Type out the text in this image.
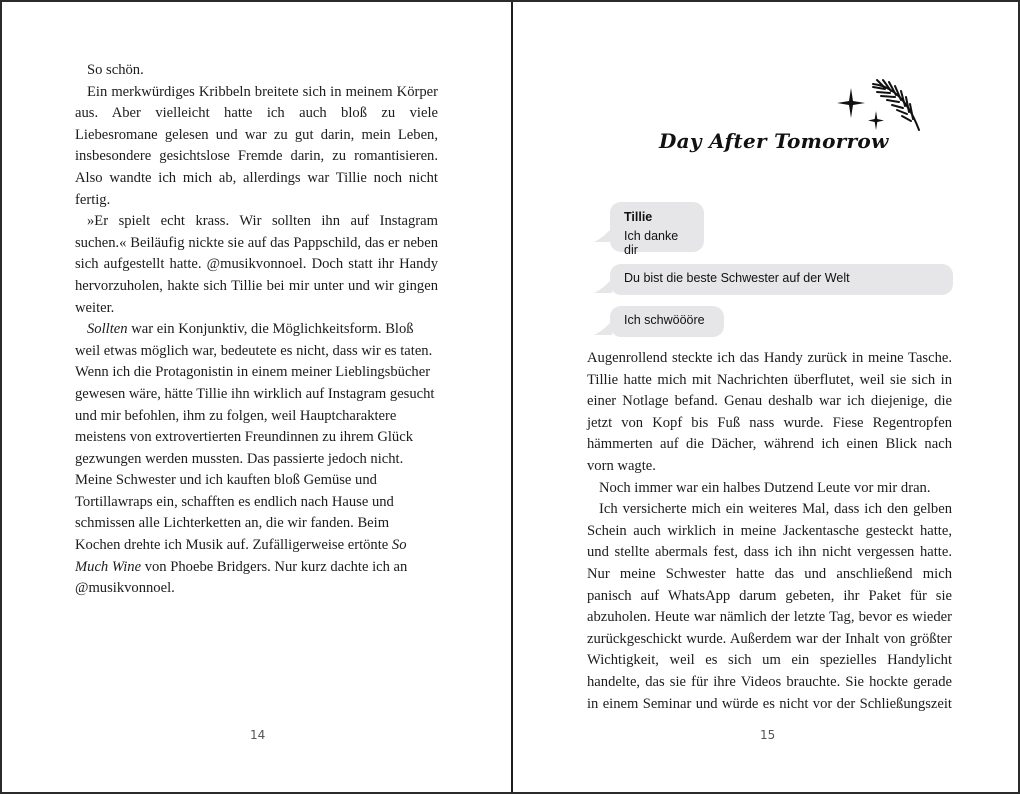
So schön.

Ein merkwürdiges Kribbeln breitete sich in meinem Körper aus. Aber vielleicht hatte ich auch bloß zu viele Liebesromane gelesen und war zu gut darin, mein Leben, insbesondere gesichtslose Fremde darin, zu romantisieren. Also wandte ich mich ab, allerdings war Tillie noch nicht fertig.

»Er spielt echt krass. Wir sollten ihn auf Instagram suchen.« Beiläufig nickte sie auf das Pappschild, das er neben sich aufgestellt hatte. @musikvonnoel. Doch statt ihr Handy hervorzuholen, hakte sich Tillie bei mir unter und wir gingen weiter.

Sollten war ein Konjunktiv, die Möglichkeitsform. Bloß weil etwas möglich war, bedeutete es nicht, dass wir es taten. Wenn ich die Protagonistin in einem meiner Lieblingsbücher gewesen wäre, hätte Tillie ihn wirklich auf Instagram gesucht und mir befohlen, ihm zu folgen, weil Hauptcharaktere meistens von extrovertierten Freundinnen zu ihrem Glück gezwungen werden mussten. Das passierte jedoch nicht. Meine Schwester und ich kauften bloß Gemüse und Tortillawraps ein, schafften es endlich nach Hause und schmissen alle Lichterketten an, die wir fanden. Beim Kochen drehte ich Musik auf. Zufälligerweise ertönte So Much Wine von Phoebe Bridgers. Nur kurz dachte ich an @musikvonnoel.

14
Day After Tomorrow
Tillie
Ich danke dir
Du bist die beste Schwester auf der Welt
Ich schwöööre

Augenrollend steckte ich das Handy zurück in meine Tasche. Tillie hatte mich mit Nachrichten überflutet, weil sie sich in einer Notlage befand. Genau deshalb war ich diejenige, die jetzt von Kopf bis Fuß nass wurde. Fiese Regentropfen hämmerten auf die Dächer, während ich einen Blick nach vorn wagte.

Noch immer war ein halbes Dutzend Leute vor mir dran.

Ich versicherte mich ein weiteres Mal, dass ich den gelben Schein auch wirklich in meine Jackentasche gesteckt hatte, und stellte abermals fest, dass ich ihn nicht vergessen hatte. Nur meine Schwester hatte das und anschließend mich panisch auf WhatsApp darum gebeten, ihr Paket für sie abzuholen. Heute war nämlich der letzte Tag, bevor es wieder zurückgeschickt wurde. Außerdem war der Inhalt von größter Wichtigkeit, weil es sich um ein spezielles Handylicht handelte, das sie für ihre Videos brauchte. Sie hockte gerade in einem Seminar und würde es nicht vor der Schließungszeit

15
